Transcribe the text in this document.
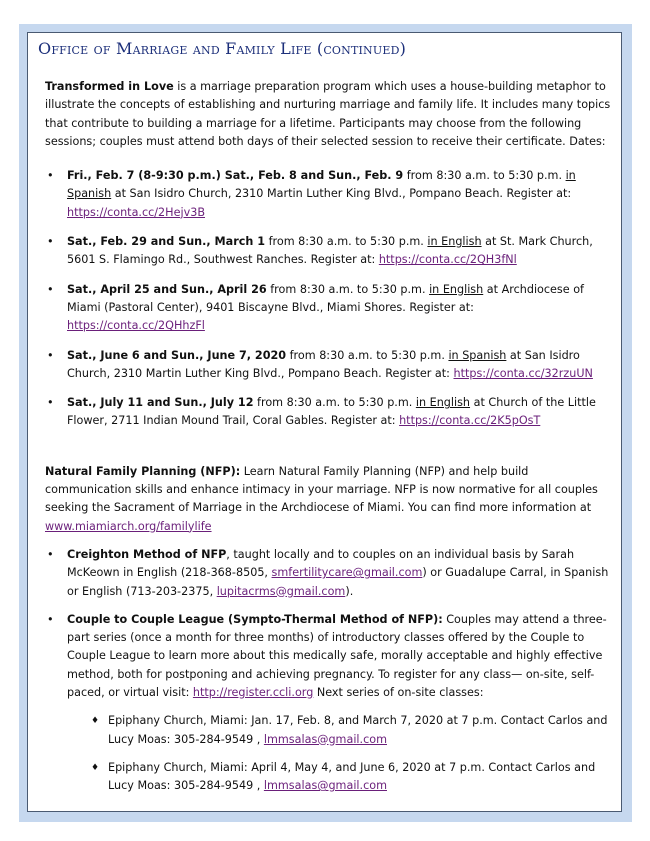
Office of Marriage and Family Life (continued)

Transformed in Love is a marriage preparation program which uses a house-building metaphor to illustrate the concepts of establishing and nurturing marriage and family life. It includes many topics that contribute to building a marriage for a lifetime. Participants may choose from the following sessions; couples must attend both days of their selected session to receive their certificate. Dates:

• Fri., Feb. 7 (8-9:30 p.m.) Sat., Feb. 8 and Sun., Feb. 9 from 8:30 a.m. to 5:30 p.m. in Spanish at San Isidro Church, 2310 Martin Luther King Blvd., Pompano Beach. Register at: https://conta.cc/2Hejv3B
• Sat., Feb. 29 and Sun., March 1 from 8:30 a.m. to 5:30 p.m. in English at St. Mark Church, 5601 S. Flamingo Rd., Southwest Ranches. Register at: https://conta.cc/2QH3fNl
• Sat., April 25 and Sun., April 26 from 8:30 a.m. to 5:30 p.m. in English at Archdiocese of Miami (Pastoral Center), 9401 Biscayne Blvd., Miami Shores. Register at: https://conta.cc/2QHhzFl
• Sat., June 6 and Sun., June 7, 2020 from 8:30 a.m. to 5:30 p.m. in Spanish at San Isidro Church, 2310 Martin Luther King Blvd., Pompano Beach. Register at: https://conta.cc/32rzuUN
• Sat., July 11 and Sun., July 12 from 8:30 a.m. to 5:30 p.m. in English at Church of the Little Flower, 2711 Indian Mound Trail, Coral Gables. Register at: https://conta.cc/2K5pOsT

Natural Family Planning (NFP): Learn Natural Family Planning (NFP) and help build communication skills and enhance intimacy in your marriage. NFP is now normative for all couples seeking the Sacrament of Marriage in the Archdiocese of Miami. You can find more information at www.miamiarch.org/familylife

• Creighton Method of NFP, taught locally and to couples on an individual basis by Sarah McKeown in English (218-368-8505, smfertilitycare@gmail.com) or Guadalupe Carral, in Spanish or English (713-203-2375, lupitacrms@gmail.com).
• Couple to Couple League (Sympto-Thermal Method of NFP): Couples may attend a three-part series (once a month for three months) of introductory classes offered by the Couple to Couple League to learn more about this medically safe, morally acceptable and highly effective method, both for postponing and achieving pregnancy. To register for any class— on-site, self-paced, or virtual visit: http://register.ccli.org Next series of on-site classes:
♦ Epiphany Church, Miami: Jan. 17, Feb. 8, and March 7, 2020 at 7 p.m. Contact Carlos and Lucy Moas: 305-284-9549 , lmmsalas@gmail.com
♦ Epiphany Church, Miami: April 4, May 4, and June 6, 2020 at 7 p.m. Contact Carlos and Lucy Moas: 305-284-9549 , lmmsalas@gmail.com
